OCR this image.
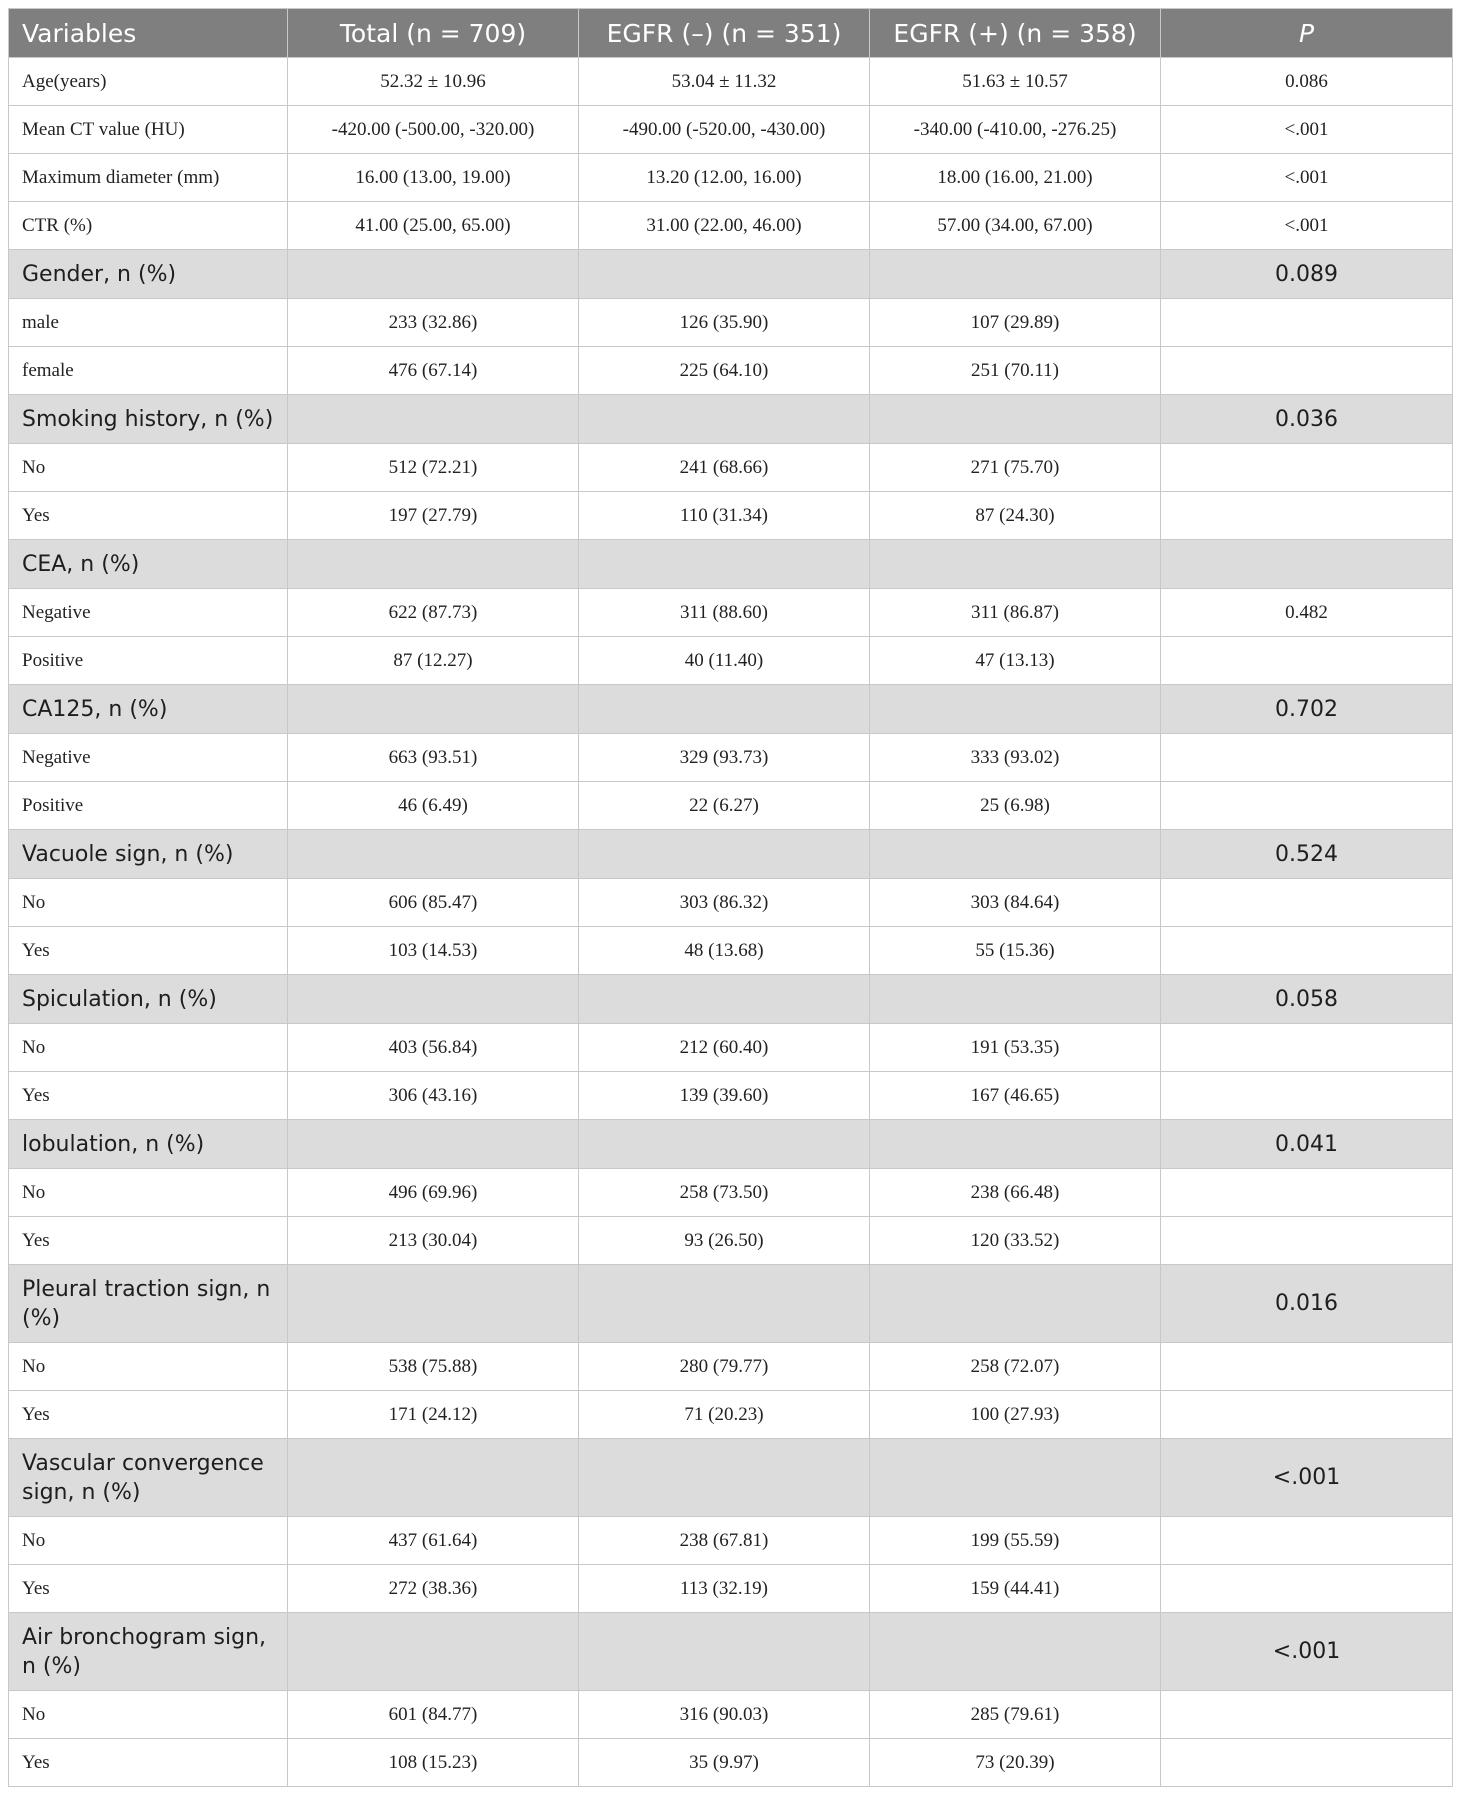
Variables	Total (n = 709)	EGFR (–) (n = 351)	EGFR (+) (n = 358)	P
Age(years)	52.32 ± 10.96	53.04 ± 11.32	51.63 ± 10.57	0.086
Mean CT value (HU)	-420.00 (-500.00, -320.00)	-490.00 (-520.00, -430.00)	-340.00 (-410.00, -276.25)	<.001
Maximum diameter (mm)	16.00 (13.00, 19.00)	13.20 (12.00, 16.00)	18.00 (16.00, 21.00)	<.001
CTR (%)	41.00 (25.00, 65.00)	31.00 (22.00, 46.00)	57.00 (34.00, 67.00)	<.001
Gender, n (%)				0.089
male	233 (32.86)	126 (35.90)	107 (29.89)	
female	476 (67.14)	225 (64.10)	251 (70.11)	
Smoking history, n (%)				0.036
No	512 (72.21)	241 (68.66)	271 (75.70)	
Yes	197 (27.79)	110 (31.34)	87 (24.30)	
CEA, n (%)				
Negative	622 (87.73)	311 (88.60)	311 (86.87)	0.482
Positive	87 (12.27)	40 (11.40)	47 (13.13)	
CA125, n (%)				0.702
Negative	663 (93.51)	329 (93.73)	333 (93.02)	
Positive	46 (6.49)	22 (6.27)	25 (6.98)	
Vacuole sign, n (%)				0.524
No	606 (85.47)	303 (86.32)	303 (84.64)	
Yes	103 (14.53)	48 (13.68)	55 (15.36)	
Spiculation, n (%)				0.058
No	403 (56.84)	212 (60.40)	191 (53.35)	
Yes	306 (43.16)	139 (39.60)	167 (46.65)	
lobulation, n (%)				0.041
No	496 (69.96)	258 (73.50)	238 (66.48)	
Yes	213 (30.04)	93 (26.50)	120 (33.52)	
Pleural traction sign, n (%)				0.016
No	538 (75.88)	280 (79.77)	258 (72.07)	
Yes	171 (24.12)	71 (20.23)	100 (27.93)	
Vascular convergence sign, n (%)				<.001
No	437 (61.64)	238 (67.81)	199 (55.59)	
Yes	272 (38.36)	113 (32.19)	159 (44.41)	
Air bronchogram sign, n (%)				<.001
No	601 (84.77)	316 (90.03)	285 (79.61)	
Yes	108 (15.23)	35 (9.97)	73 (20.39)	
